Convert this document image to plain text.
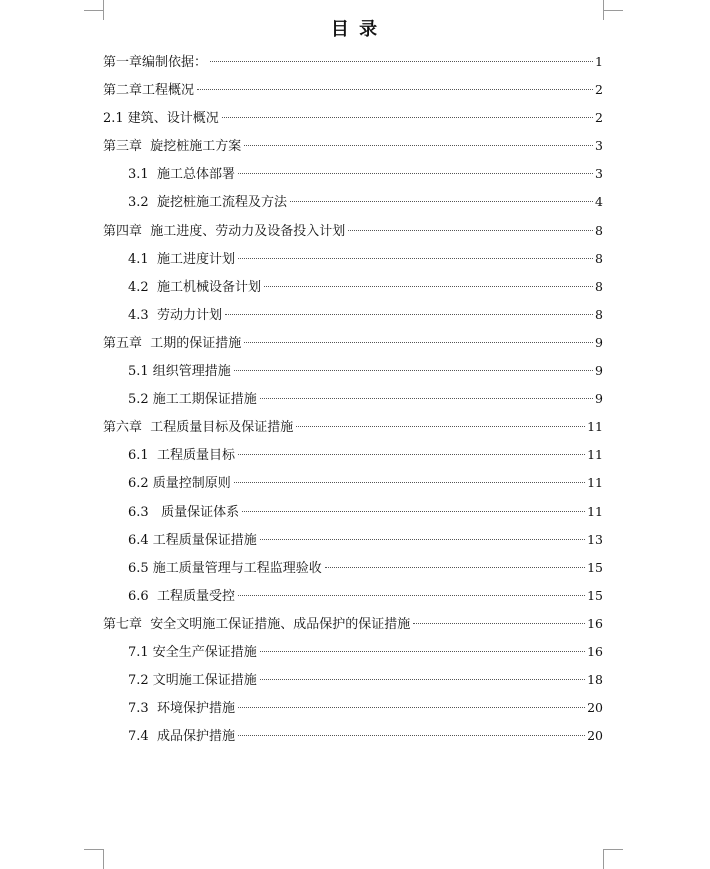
目 录
第一章编制依据：	1
第二章工程概况	2
2.1 建筑、设计概况	2
第三章  旋挖桩施工方案	3
3.1  施工总体部署	3
3.2  旋挖桩施工流程及方法	4
第四章  施工进度、劳动力及设备投入计划	8
4.1  施工进度计划	8
4.2  施工机械设备计划	8
4.3  劳动力计划	8
第五章  工期的保证措施	9
5.1 组织管理措施	9
5.2 施工工期保证措施	9
第六章  工程质量目标及保证措施	11
6.1  工程质量目标	11
6.2 质量控制原则	11
6.3   质量保证体系	11
6.4 工程质量保证措施	13
6.5 施工质量管理与工程监理验收	15
6.6  工程质量受控	15
第七章  安全文明施工保证措施、成品保护的保证措施	16
7.1 安全生产保证措施	16
7.2 文明施工保证措施	18
7.3  环境保护措施	20
7.4  成品保护措施	20
